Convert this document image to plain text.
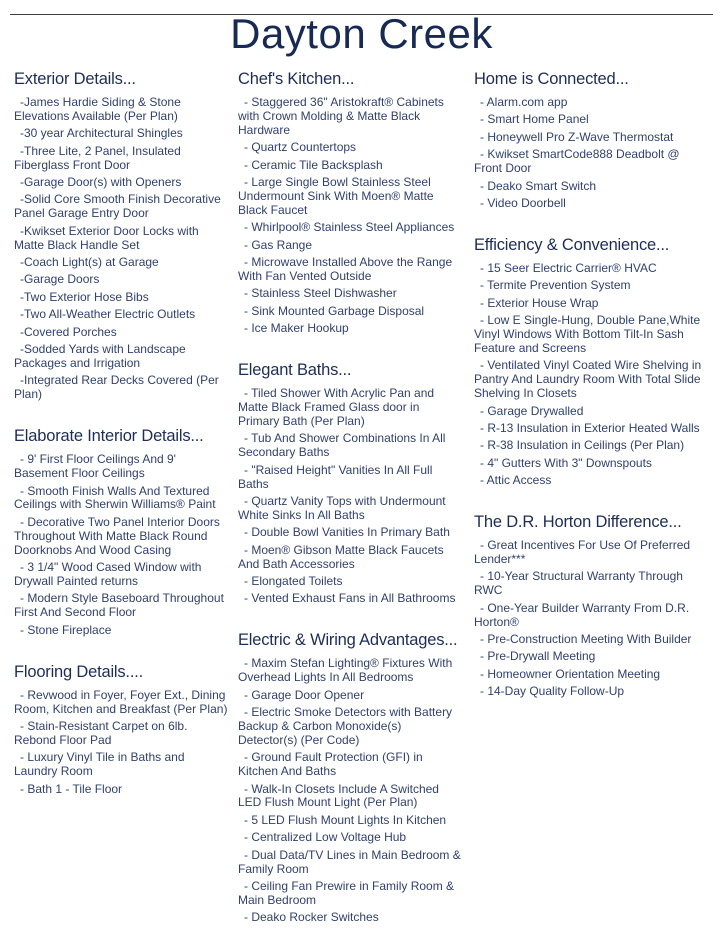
Dayton Creek
Exterior Details...
-James Hardie Siding & Stone Elevations Available (Per Plan)
-30 year Architectural Shingles
-Three Lite, 2 Panel, Insulated Fiberglass Front Door
-Garage Door(s) with Openers
-Solid Core Smooth Finish Decorative Panel Garage Entry Door
-Kwikset Exterior Door Locks with Matte Black Handle Set
-Coach Light(s) at Garage
-Garage Doors
-Two Exterior Hose Bibs
-Two All-Weather Electric Outlets
-Covered Porches
-Sodded Yards with Landscape Packages and Irrigation
-Integrated Rear Decks Covered (Per Plan)
Elaborate Interior Details...
- 9' First Floor Ceilings And 9' Basement Floor Ceilings
- Smooth Finish Walls And Textured Ceilings with Sherwin Williams® Paint
- Decorative Two Panel Interior Doors Throughout With Matte Black Round Doorknobs And Wood Casing
- 3 1/4" Wood Cased Window with Drywall Painted returns
- Modern Style Baseboard Throughout First And Second Floor
- Stone Fireplace
Flooring Details....
- Revwood in Foyer, Foyer Ext., Dining Room, Kitchen and Breakfast (Per Plan)
- Stain-Resistant Carpet on 6lb. Rebond Floor Pad
- Luxury Vinyl Tile in Baths and Laundry Room
- Bath 1 - Tile Floor
Chef's Kitchen...
- Staggered 36" Aristokraft® Cabinets with Crown Molding & Matte Black Hardware
- Quartz Countertops
- Ceramic Tile Backsplash
- Large Single Bowl Stainless Steel Undermount Sink With Moen® Matte Black Faucet
- Whirlpool® Stainless Steel Appliances
- Gas Range
- Microwave Installed Above the Range With Fan Vented Outside
- Stainless Steel Dishwasher
- Sink Mounted Garbage Disposal
- Ice Maker Hookup
Elegant Baths...
- Tiled Shower With Acrylic Pan and Matte Black Framed Glass door in Primary Bath (Per Plan)
- Tub And Shower Combinations In All Secondary Baths
- "Raised Height" Vanities In All Full Baths
- Quartz Vanity Tops with Undermount White Sinks In All Baths
- Double Bowl Vanities In Primary Bath
- Moen® Gibson Matte Black Faucets And Bath Accessories
- Elongated Toilets
- Vented Exhaust Fans in All Bathrooms
Electric & Wiring Advantages...
- Maxim Stefan Lighting® Fixtures With Overhead Lights In All Bedrooms
- Garage Door Opener
- Electric Smoke Detectors with Battery Backup & Carbon Monoxide(s) Detector(s) (Per Code)
- Ground Fault Protection (GFI) in Kitchen And Baths
- Walk-In Closets Include A Switched LED Flush Mount Light (Per Plan)
- 5 LED Flush Mount Lights In Kitchen
- Centralized Low Voltage Hub
- Dual Data/TV Lines in Main Bedroom & Family Room
- Ceiling Fan Prewire in Family Room & Main Bedroom
- Deako Rocker Switches
Home is Connected...
- Alarm.com app
- Smart Home Panel
- Honeywell Pro Z-Wave Thermostat
- Kwikset SmartCode888 Deadbolt @ Front Door
- Deako Smart Switch
- Video Doorbell
Efficiency & Convenience...
- 15 Seer Electric Carrier® HVAC
- Termite Prevention System
- Exterior House Wrap
- Low E Single-Hung, Double Pane,White Vinyl Windows With Bottom Tilt-In Sash Feature and Screens
- Ventilated Vinyl Coated Wire Shelving in Pantry And Laundry Room With Total Slide Shelving In Closets
- Garage Drywalled
- R-13 Insulation in Exterior Heated Walls
- R-38 Insulation in Ceilings (Per Plan)
- 4" Gutters With 3" Downspouts
- Attic Access
The D.R. Horton Difference...
- Great Incentives For Use Of Preferred Lender***
- 10-Year Structural Warranty Through RWC
- One-Year Builder Warranty From D.R. Horton®
- Pre-Construction Meeting With Builder
- Pre-Drywall Meeting
- Homeowner Orientation Meeting
- 14-Day Quality Follow-Up
